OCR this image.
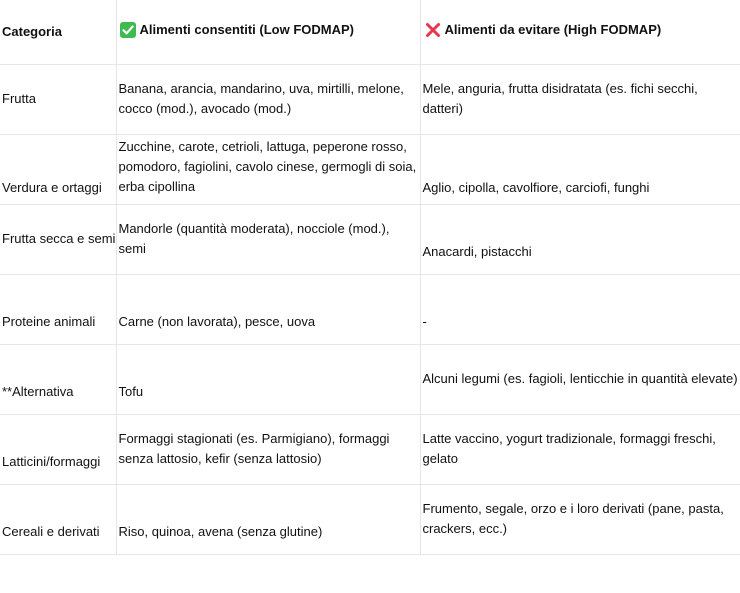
Categoria	Alimenti consentiti (Low FODMAP)	Alimenti da evitare (High FODMAP)

Frutta	Banana, arancia, mandarino, uva, mirtilli, melone, cocco (mod.), avocado (mod.)	Mele, anguria, frutta disidratata (es. fichi secchi, datteri)
Verdura e ortaggi	Zucchine, carote, cetrioli, lattuga, peperone rosso, pomodoro, fagiolini, cavolo cinese, germogli di soia, erba cipollina	Aglio, cipolla, cavolfiore, carciofi, funghi
Frutta secca e semi	Mandorle (quantità moderata), nocciole (mod.), semi	Anacardi, pistacchi
Proteine animali	Carne (non lavorata), pesce, uova	-
**Alternativa	Tofu	Alcuni legumi (es. fagioli, lenticchie in quantità elevate)
Latticini/formaggi	Formaggi stagionati (es. Parmigiano), formaggi senza lattosio, kefir (senza lattosio)	Latte vaccino, yogurt tradizionale, formaggi freschi, gelato
Cereali e derivati	Riso, quinoa, avena (senza glutine)	Frumento, segale, orzo e i loro derivati (pane, pasta, crackers, ecc.)
